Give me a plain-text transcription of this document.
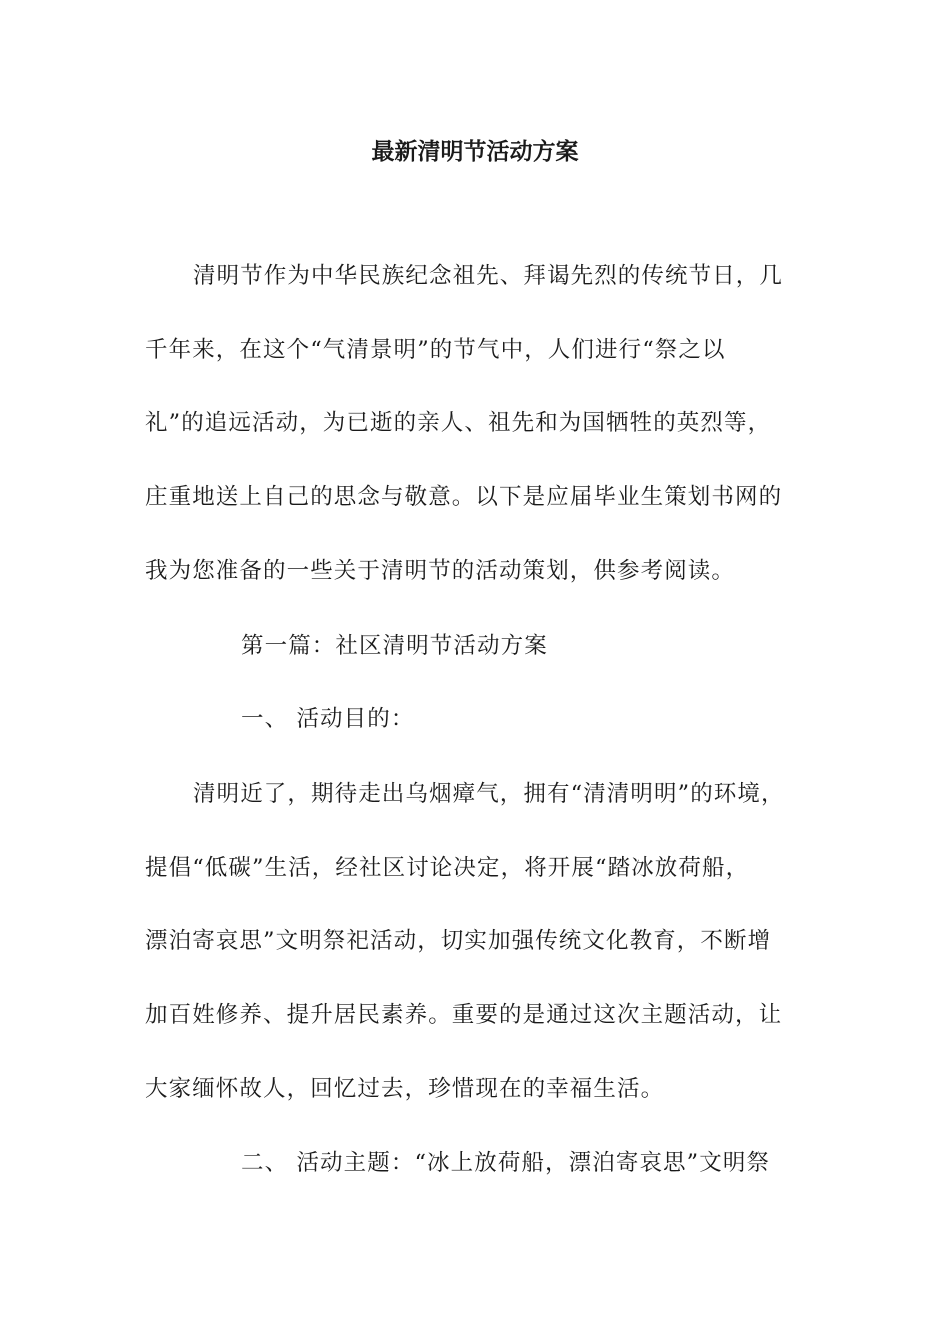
最新清明节活动方案
清明节作为中华民族纪念祖先、拜谒先烈的传统节日，几
千年来，在这个“气清景明”的节气中，人们进行“祭之以
礼”的追远活动，为已逝的亲人、祖先和为国牺牲的英烈等，
庄重地送上自己的思念与敬意。以下是应届毕业生策划书网的
我为您准备的一些关于清明节的活动策划，供参考阅读。
第一篇：社区清明节活动方案
一、 活动目的：
清明近了，期待走出乌烟瘴气，拥有“清清明明”的环境，
提倡“低碳”生活，经社区讨论决定，将开展“踏冰放荷船，
漂泊寄哀思”文明祭祀活动，切实加强传统文化教育，不断增
加百姓修养、提升居民素养。重要的是通过这次主题活动，让
大家缅怀故人，回忆过去，珍惜现在的幸福生活。
二、 活动主题：“冰上放荷船，漂泊寄哀思”文明祭
